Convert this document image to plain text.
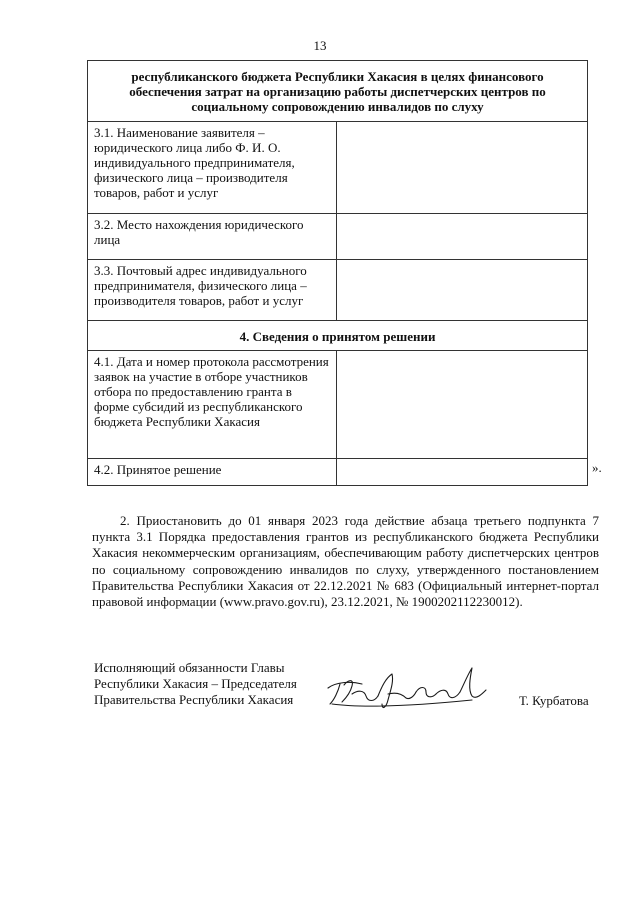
13
республиканского бюджета Республики Хакасия в целях финансового обеспечения затрат на организацию работы диспетчерских центров по социальному сопровождению инвалидов по слуху	
3.1. Наименование заявителя – юридического лица либо Ф. И. О. индивидуального предпринимателя, физического лица – производителя товаров, работ и услуг	
3.2. Место нахождения юридического лица	
3.3. Почтовый адрес индивидуального предпринимателя, физического лица – производителя товаров, работ и услуг	
4. Сведения о принятом решении	
4.1. Дата и номер протокола рассмотрения заявок на участие в отборе участников отбора по предоставлению гранта в форме субсидий из республиканского бюджета Республики Хакасия	
4.2. Принятое решение		».
2. Приостановить до 01 января 2023 года действие абзаца третьего подпункта 7 пункта 3.1 Порядка предоставления грантов из республиканского бюджета Республики Хакасия некоммерческим организациям, обеспечивающим работу диспетчерских центров по социальному сопровождению инвалидов по слуху, утвержденного постановлением Правительства Республики Хакасия от 22.12.2021 № 683 (Официальный интернет-портал правовой информации (www.pravo.gov.ru), 23.12.2021, № 1900202112230012).
Исполняющий обязанности Главы
Республики Хакасия – Председателя
Правительства Республики Хакасия	Т. Курбатова
